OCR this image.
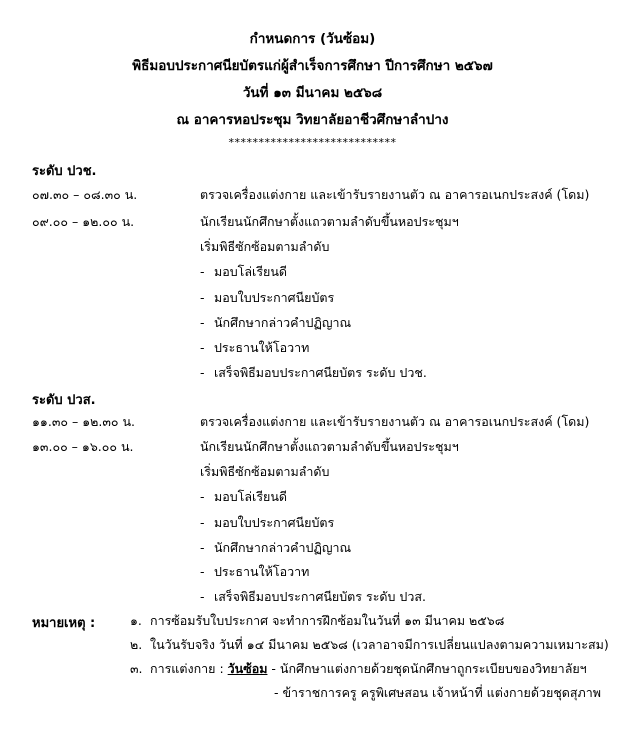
กำหนดการ (วันซ้อม)
พิธีมอบประกาศนียบัตรแก่ผู้สำเร็จการศึกษา ปีการศึกษา ๒๕๖๗
วันที่ ๑๓ มีนาคม ๒๕๖๘
ณ อาคารหอประชุม วิทยาลัยอาชีวศึกษาลำปาง
****************************
ระดับ ปวช.
๐๗.๓๐ – ๐๘.๓๐ น.	ตรวจเครื่องแต่งกาย และเข้ารับรายงานตัว ณ อาคารอเนกประสงค์ (โดม)
๐๙.๐๐ – ๑๒.๐๐ น.	นักเรียนนักศึกษาตั้งแถวตามลำดับขึ้นหอประชุมฯ
เริ่มพิธีซักซ้อมตามลำดับ
- มอบโล่เรียนดี
- มอบใบประกาศนียบัตร
- นักศึกษากล่าวคำปฏิญาณ
- ประธานให้โอวาท
- เสร็จพิธีมอบประกาศนียบัตร ระดับ ปวช.
ระดับ ปวส.
๑๑.๓๐ – ๑๒.๓๐ น.	ตรวจเครื่องแต่งกาย และเข้ารับรายงานตัว ณ อาคารอเนกประสงค์ (โดม)
๑๓.๐๐ – ๑๖.๐๐ น.	นักเรียนนักศึกษาตั้งแถวตามลำดับขึ้นหอประชุมฯ
เริ่มพิธีซักซ้อมตามลำดับ
- มอบโล่เรียนดี
- มอบใบประกาศนียบัตร
- นักศึกษากล่าวคำปฏิญาณ
- ประธานให้โอวาท
- เสร็จพิธีมอบประกาศนียบัตร ระดับ ปวส.
หมายเหตุ :	๑. การซ้อมรับใบประกาศ จะทำการฝึกซ้อมในวันที่ ๑๓ มีนาคม ๒๕๖๘
๒. ในวันรับจริง วันที่ ๑๔ มีนาคม ๒๕๖๘ (เวลาอาจมีการเปลี่ยนแปลงตามความเหมาะสม)
๓. การแต่งกาย : วันซ้อม - นักศึกษาแต่งกายด้วยชุดนักศึกษาถูกระเบียบของวิทยาลัยฯ
- ข้าราชการครู ครูพิเศษสอน เจ้าหน้าที่ แต่งกายด้วยชุดสุภาพ
